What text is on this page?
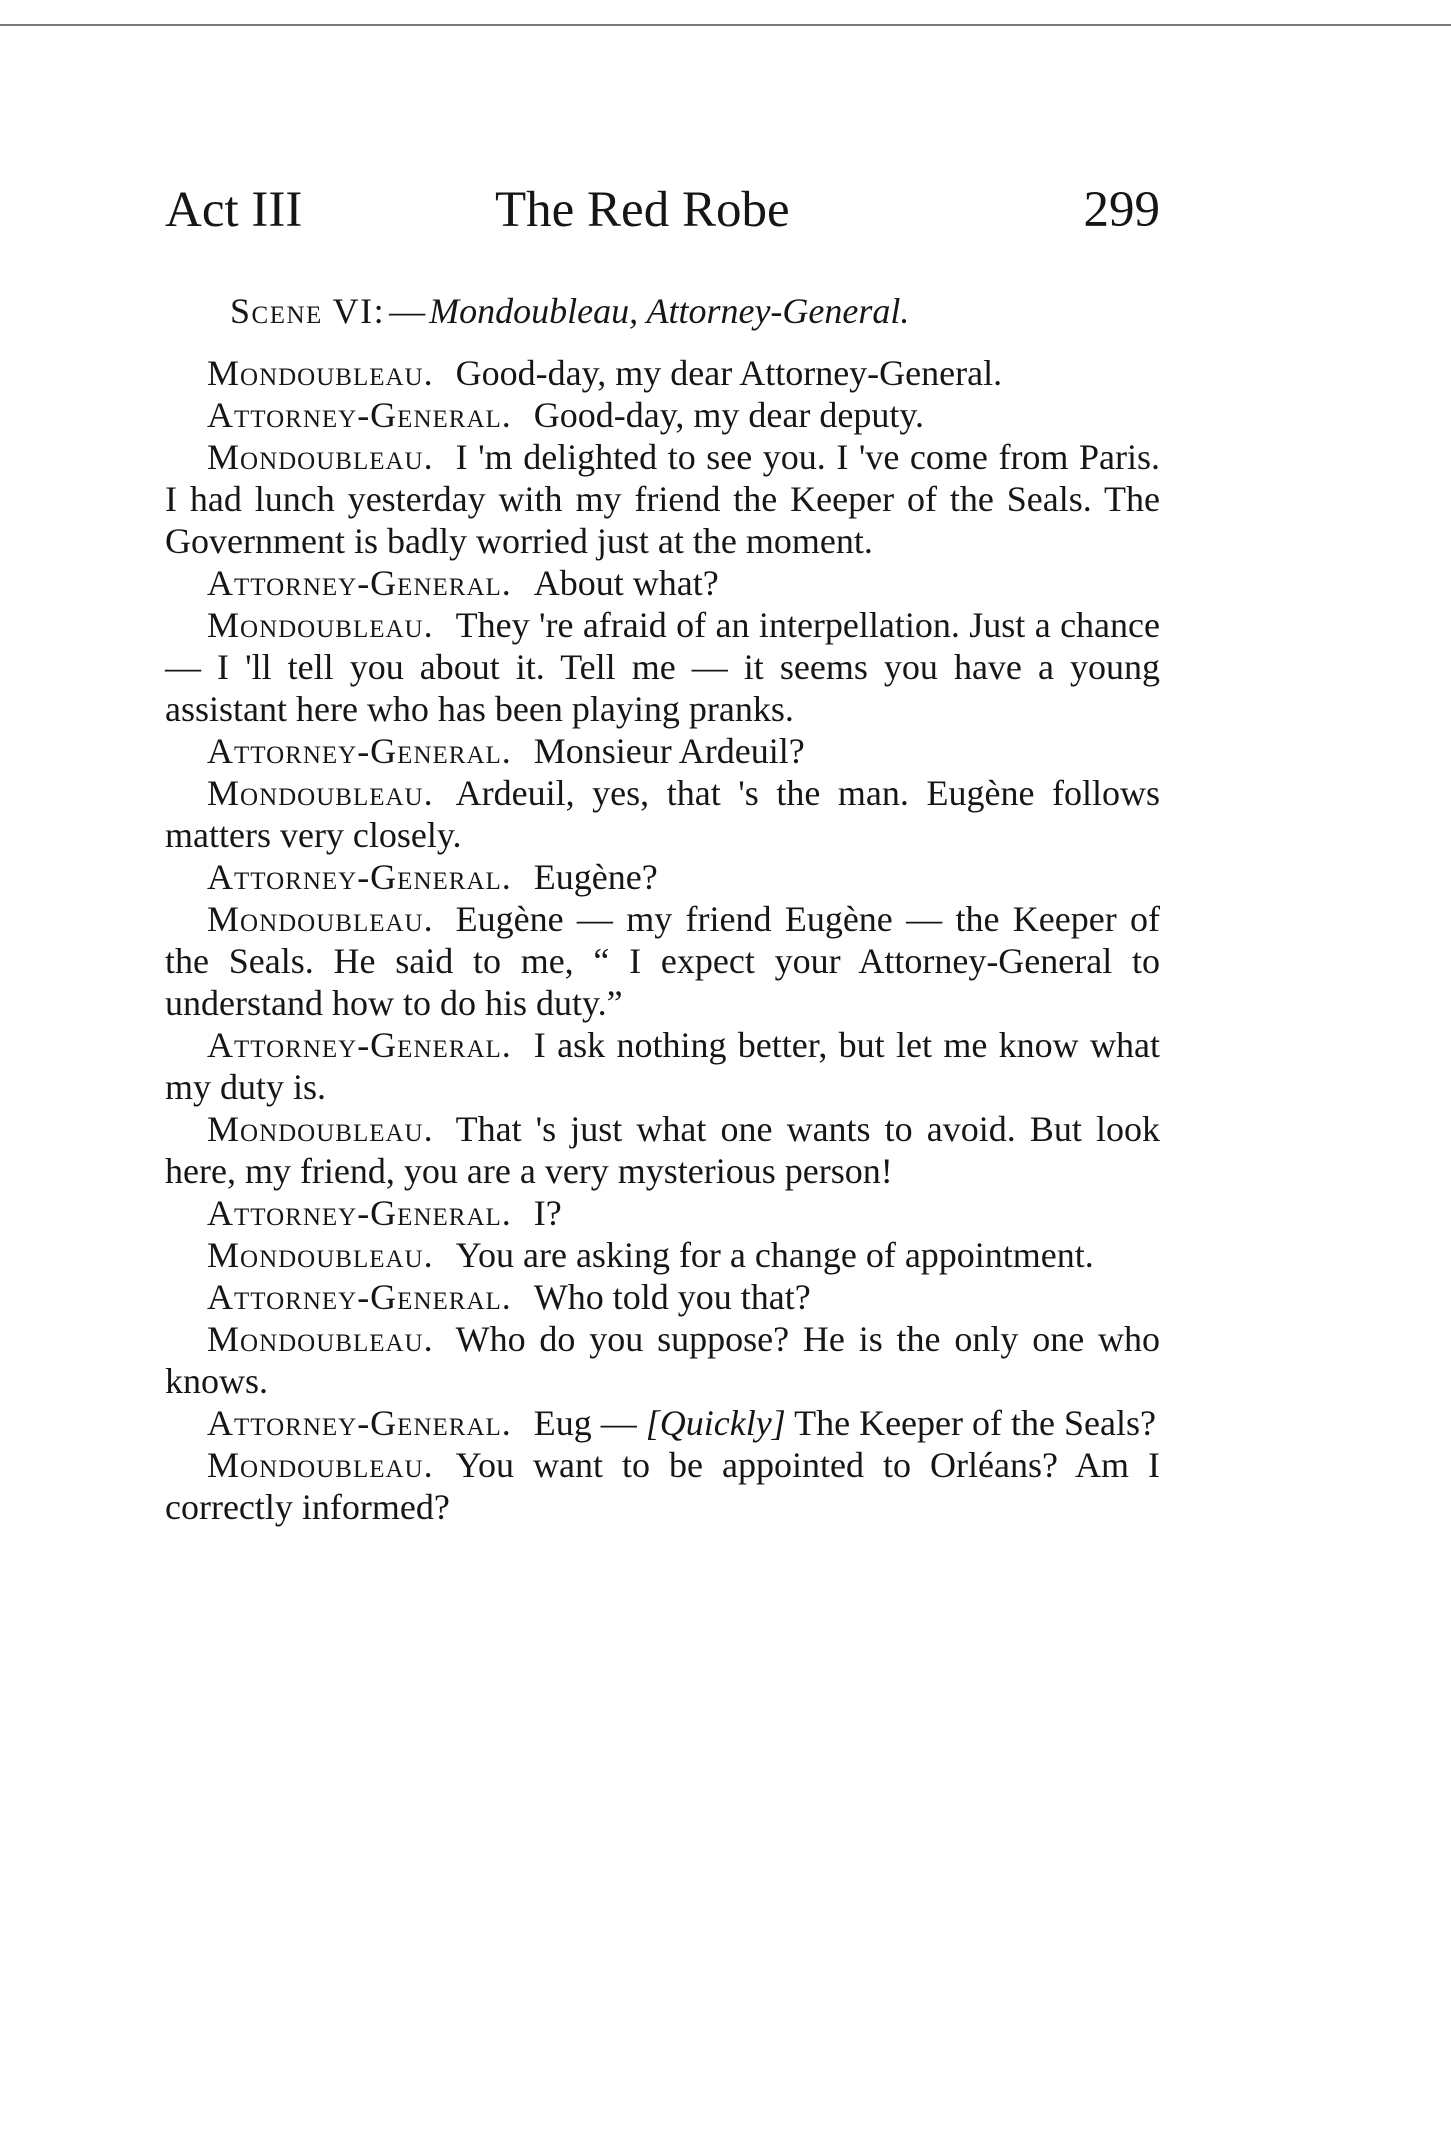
Act III	The Red Robe	299
Scene VI: — Mondoubleau, Attorney-General.

Mondoubleau. Good-day, my dear Attorney-General.

Attorney-General. Good-day, my dear deputy.

Mondoubleau. I 'm delighted to see you. I 've come from Paris. I had lunch yesterday with my friend the Keeper of the Seals. The Government is badly worried just at the moment.

Attorney-General. About what?

Mondoubleau. They 're afraid of an interpellation. Just a chance — I 'll tell you about it. Tell me — it seems you have a young assistant here who has been playing pranks.

Attorney-General. Monsieur Ardeuil?

Mondoubleau. Ardeuil, yes, that 's the man. Eugène follows matters very closely.

Attorney-General. Eugène?

Mondoubleau. Eugène — my friend Eugène — the Keeper of the Seals. He said to me, “ I expect your Attorney-General to understand how to do his duty.”

Attorney-General. I ask nothing better, but let me know what my duty is.

Mondoubleau. That 's just what one wants to avoid. But look here, my friend, you are a very mysterious person!

Attorney-General. I?

Mondoubleau. You are asking for a change of appointment.

Attorney-General. Who told you that?

Mondoubleau. Who do you suppose? He is the only one who knows.

Attorney-General. Eug — [Quickly] The Keeper of the Seals?

Mondoubleau. You want to be appointed to Orléans? Am I correctly informed?
